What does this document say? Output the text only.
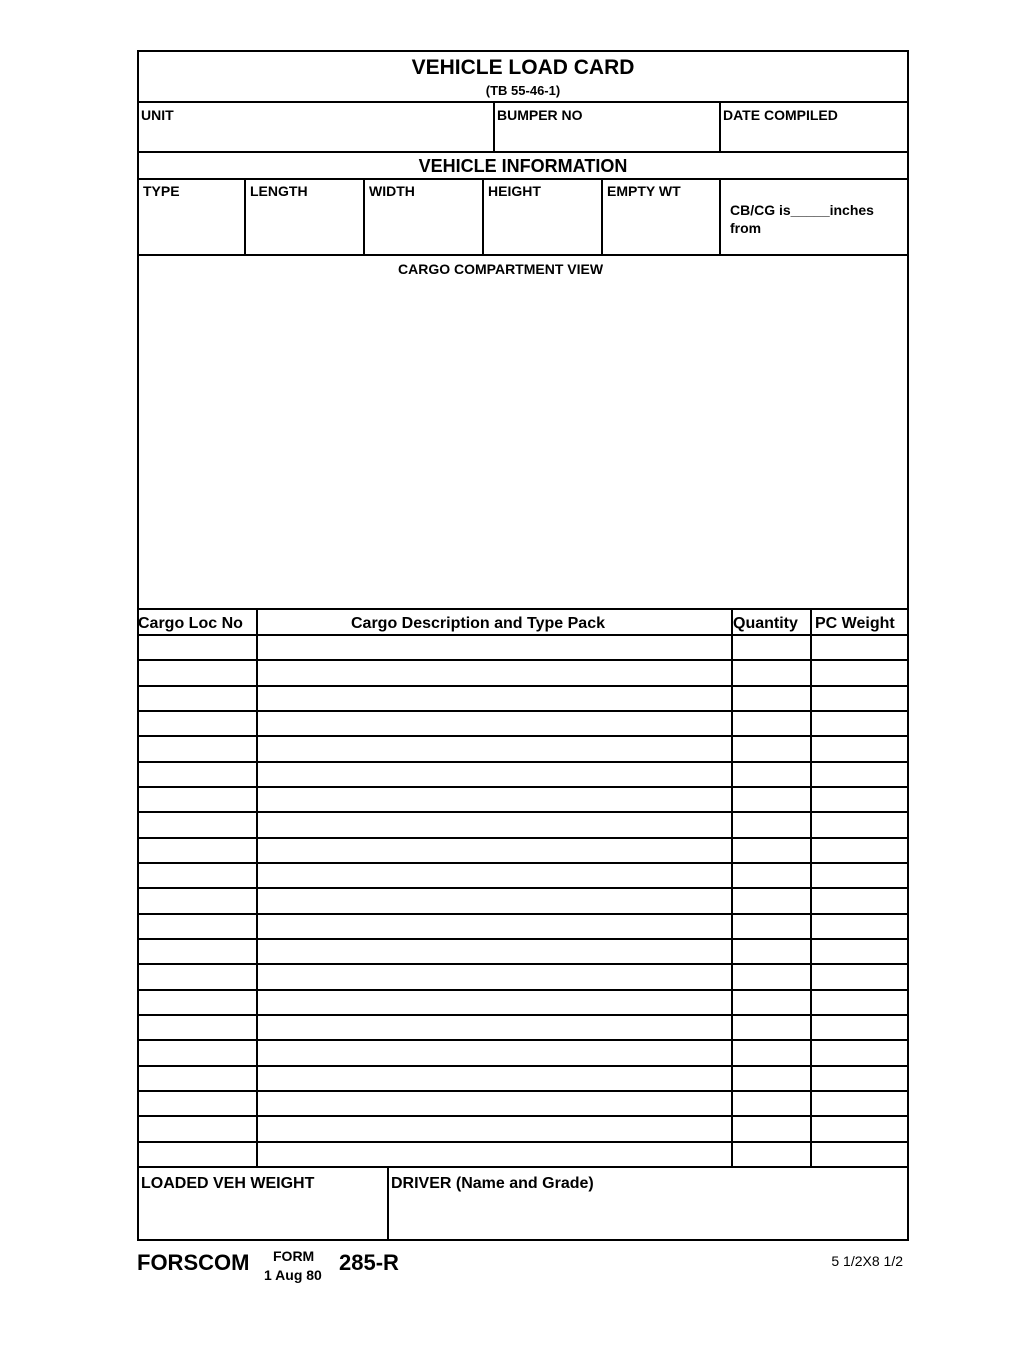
VEHICLE LOAD CARD
(TB 55-46-1)
UNIT	BUMPER NO	DATE COMPILED
VEHICLE INFORMATION
TYPE	LENGTH	WIDTH	HEIGHT	EMPTY WT
CB/CG is_____inches
from
CARGO COMPARTMENT VIEW
Cargo Loc No	Cargo Description and Type Pack	Quantity PC Weight
LOADED VEH WEIGHT	DRIVER (Name and Grade)
FORSCOM FORM
1 Aug 80 285-R	5 1/2X8 1/2
